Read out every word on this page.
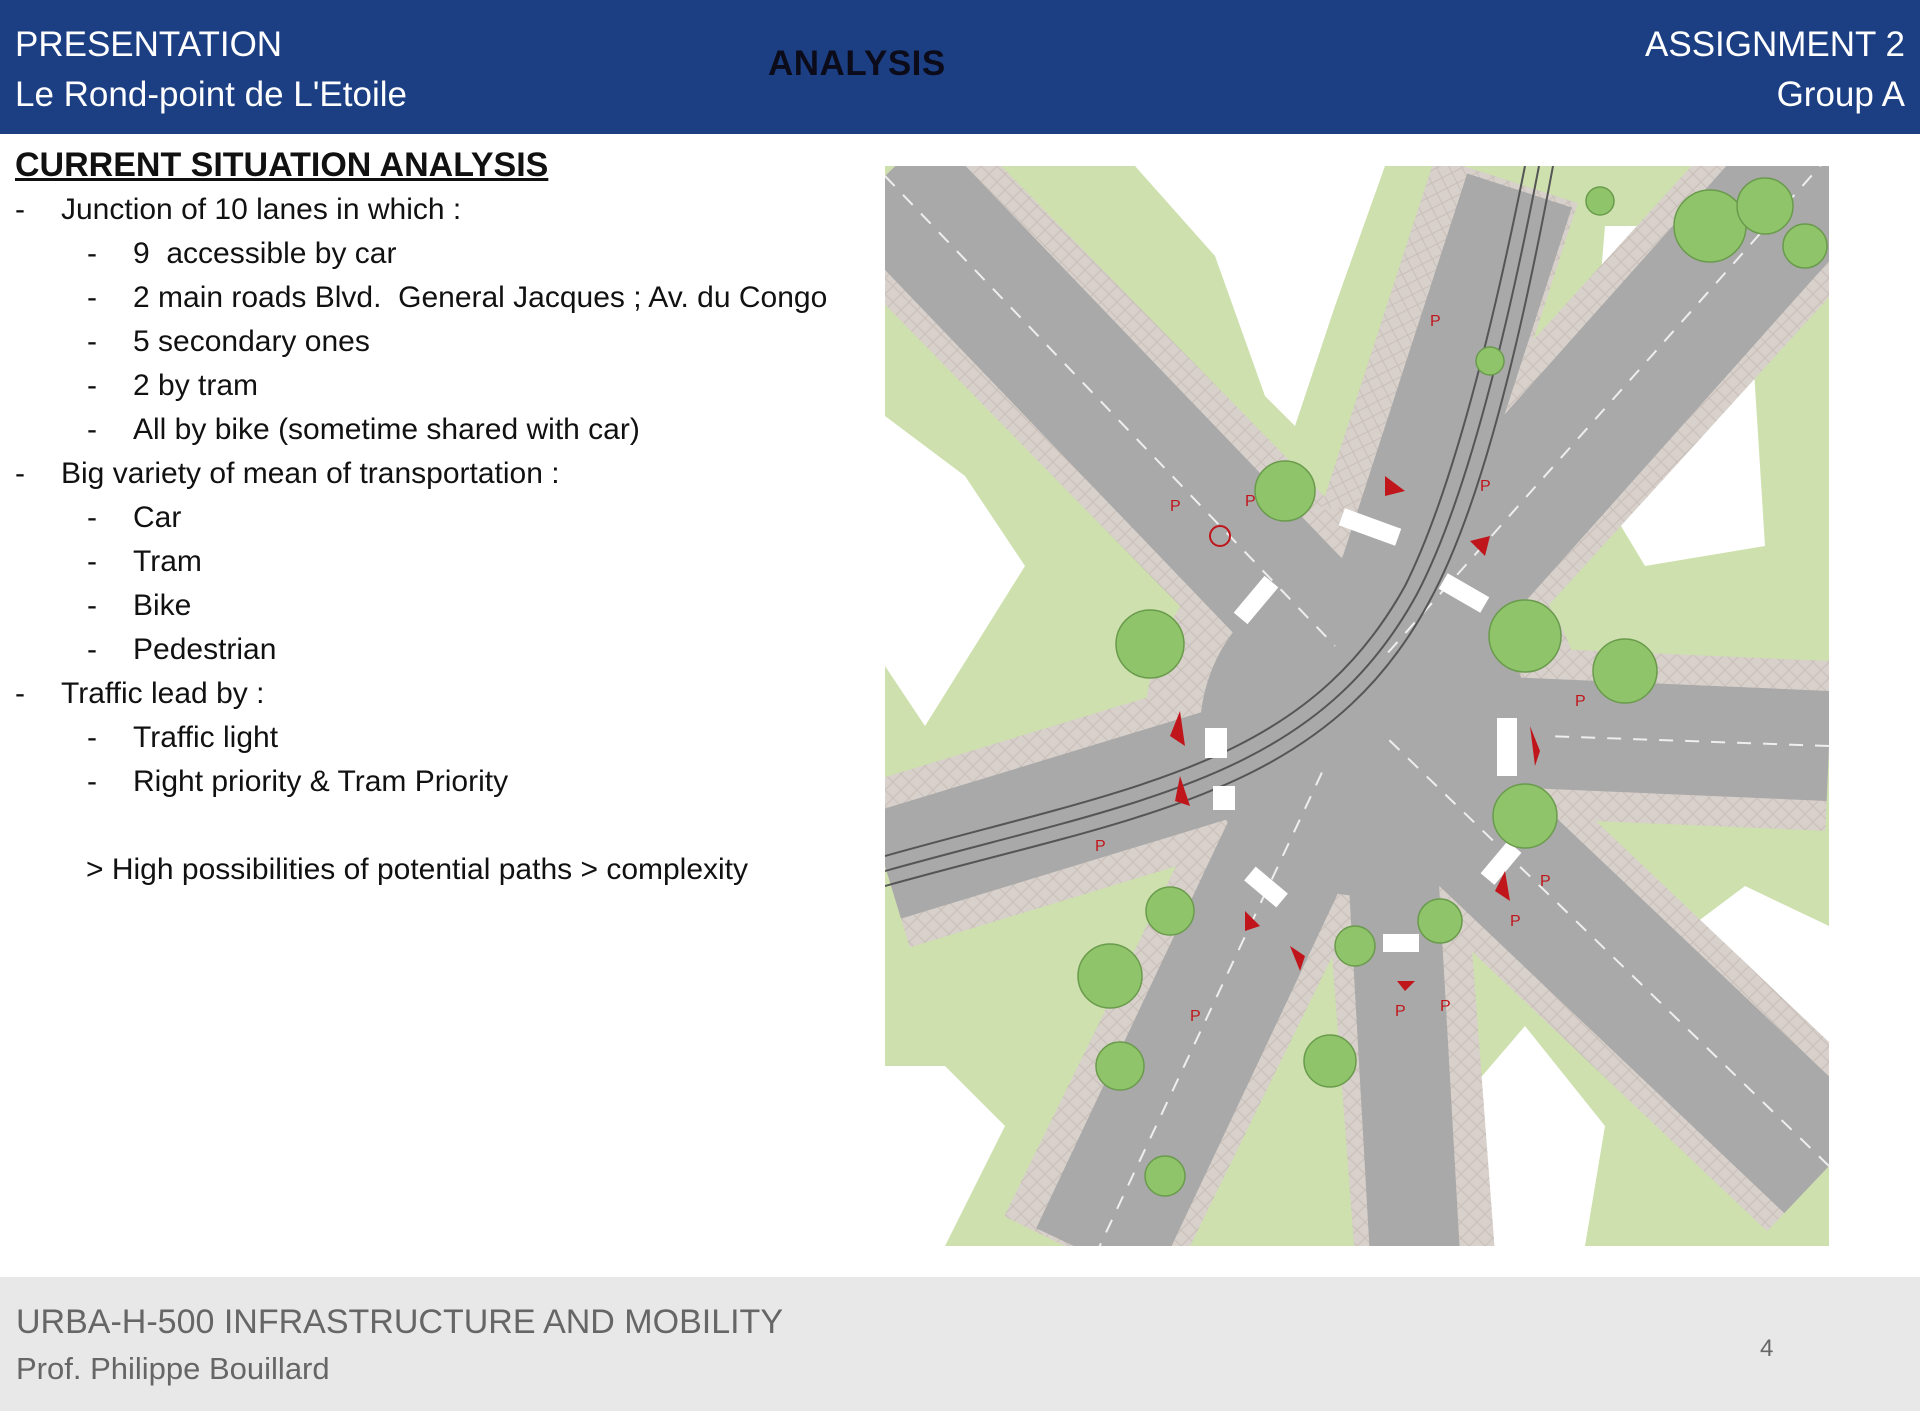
PRESENTATION
Le Rond-point de L'Etoile
ANALYSIS	ASSIGNMENT 2
Group A
CURRENT SITUATION ANALYSIS
- Junction of 10 lanes in which :
- 9  accessible by car
- 2 main roads Blvd.  General Jacques ; Av. du Congo
- 5 secondary ones
- 2 by tram
- All by bike (sometime shared with car)
- Big variety of mean of transportation :
- Car
- Tram
- Bike
- Pedestrian
- Traffic lead by :
- Traffic light
- Right priority & Tram Priority
> High possibilities of potential paths > complexity
P
P	P
P
P
P
P
P
P	P P
URBA-H-500 INFRASTRUCTURE AND MOBILITY
Prof. Philippe Bouillard
4
